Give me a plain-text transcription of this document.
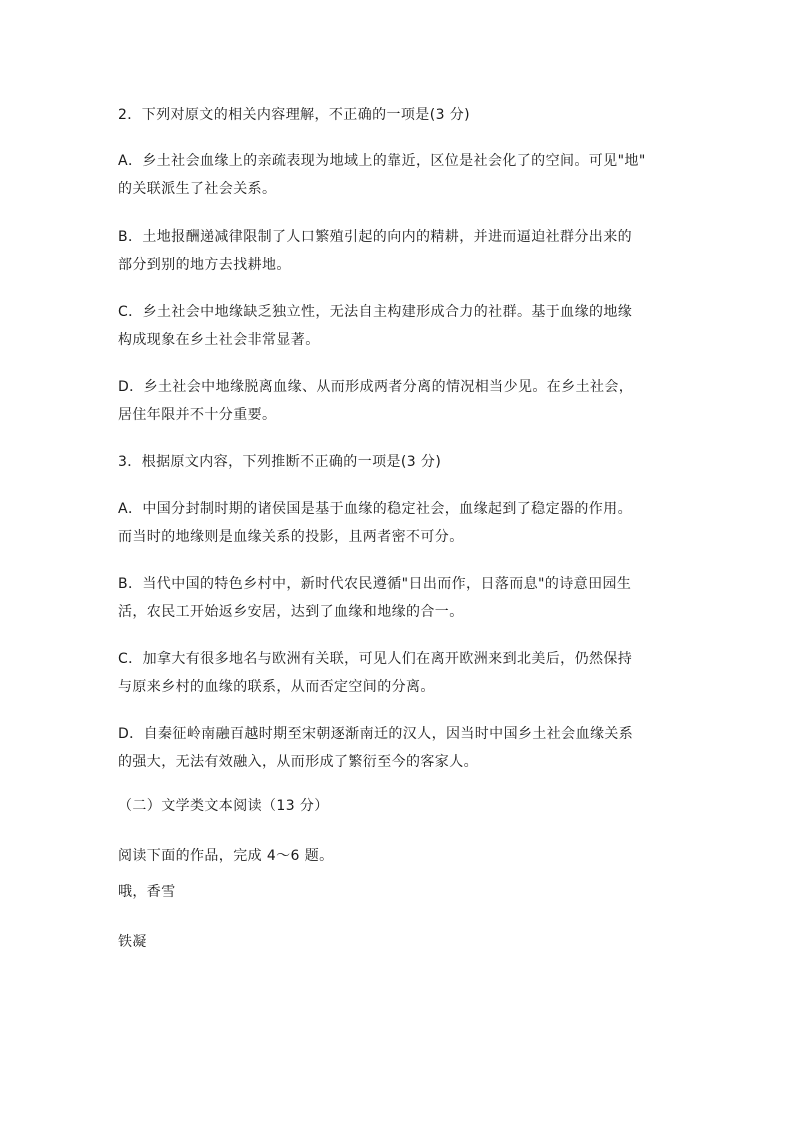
2．下列对原文的相关内容理解，不正确的一项是(3 分)
A．乡土社会血缘上的亲疏表现为地域上的靠近，区位是社会化了的空间。可见"地"
的关联派生了社会关系。
B．土地报酬递减律限制了人口繁殖引起的向内的精耕，并进而逼迫社群分出来的
部分到别的地方去找耕地。
C．乡土社会中地缘缺乏独立性，无法自主构建形成合力的社群。基于血缘的地缘
构成现象在乡土社会非常显著。
D．乡土社会中地缘脱离血缘、从而形成两者分离的情况相当少见。在乡土社会，
居住年限并不十分重要。
3．根据原文内容，下列推断不正确的一项是(3 分)
A．中国分封制时期的诸侯国是基于血缘的稳定社会，血缘起到了稳定器的作用。
而当时的地缘则是血缘关系的投影，且两者密不可分。
B．当代中国的特色乡村中，新时代农民遵循"日出而作，日落而息"的诗意田园生
活，农民工开始返乡安居，达到了血缘和地缘的合一。
C．加拿大有很多地名与欧洲有关联，可见人们在离开欧洲来到北美后，仍然保持
与原来乡村的血缘的联系，从而否定空间的分离。
D．自秦征岭南融百越时期至宋朝逐渐南迁的汉人，因当时中国乡土社会血缘关系
的强大，无法有效融入，从而形成了繁衍至今的客家人。
（二）文学类文本阅读（13 分）
阅读下面的作品，完成 4～6 题。
哦，香雪
铁凝
